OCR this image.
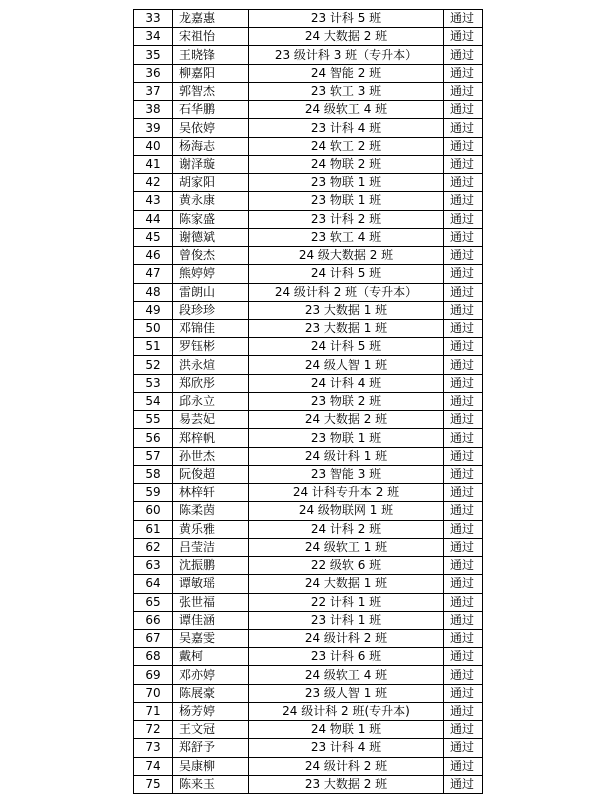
33	龙嘉惠	23 计科 5 班	通过
34	宋祖怡	24 大数据 2 班	通过
35	王晓锋	23 级计科 3 班（专升本）	通过
36	柳嘉阳	24 智能 2 班	通过
37	郭智杰	23 软工 3 班	通过
38	石华鹏	24 级软工 4 班	通过
39	吴依婷	23 计科 4 班	通过
40	杨海志	24 软工 2 班	通过
41	谢泽璇	24 物联 2 班	通过
42	胡家阳	23 物联 1 班	通过
43	黄永康	23 物联 1 班	通过
44	陈家盛	23 计科 2 班	通过
45	谢德斌	23 软工 4 班	通过
46	曾俊杰	24 级大数据 2 班	通过
47	熊婷婷	24 计科 5 班	通过
48	雷朗山	24 级计科 2 班（专升本）	通过
49	段珍珍	23 大数据 1 班	通过
50	邓锦佳	23 大数据 1 班	通过
51	罗钰彬	24 计科 5 班	通过
52	洪永煊	24 级人智 1 班	通过
53	郑欣彤	24 计科 4 班	通过
54	邱永立	23 物联 2 班	通过
55	易芸妃	24 大数据 2 班	通过
56	郑梓帆	23 物联 1 班	通过
57	孙世杰	24 级计科 1 班	通过
58	阮俊超	23 智能 3 班	通过
59	林梓轩	24 计科专升本 2 班	通过
60	陈柔茵	24 级物联网 1 班	通过
61	黄乐雅	24 计科 2 班	通过
62	吕莹洁	24 级软工 1 班	通过
63	沈振鹏	22 级软 6 班	通过
64	谭敏瑶	24 大数据 1 班	通过
65	张世福	22 计科 1 班	通过
66	谭佳涵	23 计科 1 班	通过
67	吴嘉雯	24 级计科 2 班	通过
68	戴柯	23 计科 6 班	通过
69	邓亦婷	24 级软工 4 班	通过
70	陈展豪	23 级人智 1 班	通过
71	杨芳婷	24 级计科 2 班(专升本)	通过
72	王文冠	24 物联 1 班	通过
73	郑舒予	23 计科 4 班	通过
74	吴康柳	24 级计科 2 班	通过
75	陈来玉	23 大数据 2 班	通过
